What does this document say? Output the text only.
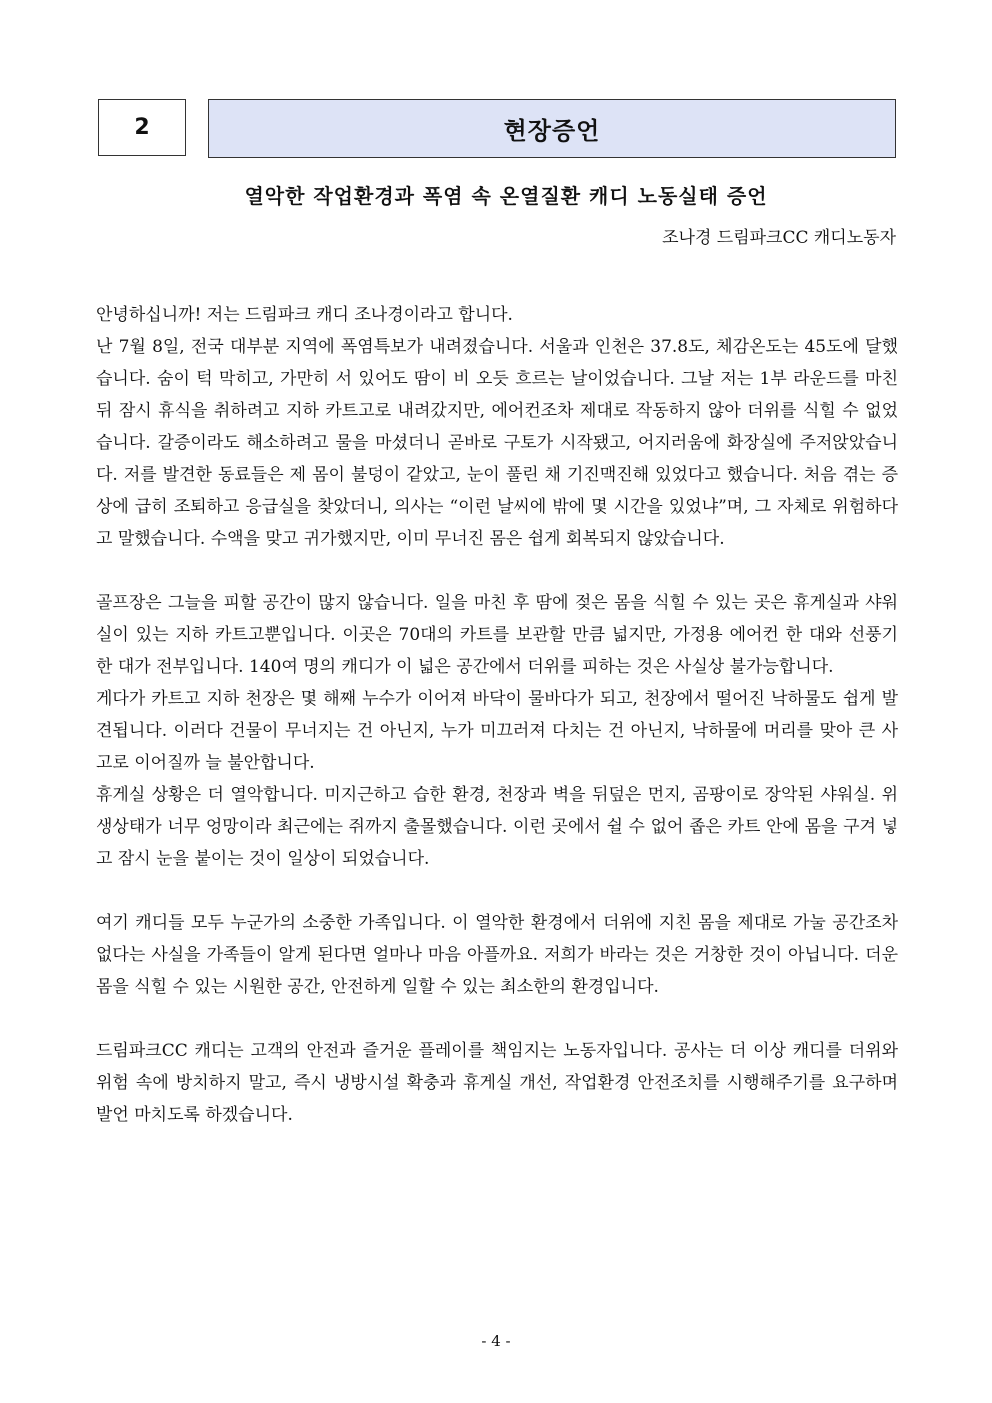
2	현장증언
열악한 작업환경과 폭염 속 온열질환 캐디 노동실태 증언
조나경 드림파크CC 캐디노동자

안녕하십니까! 저는 드림파크 캐디 조나경이라고 합니다.

난 7월 8일, 전국 대부분 지역에 폭염특보가 내려졌습니다. 서울과 인천은 37.8도, 체감온도는 45도에 달했습니다. 숨이 턱 막히고, 가만히 서 있어도 땀이 비 오듯 흐르는 날이었습니다. 그날 저는 1부 라운드를 마친 뒤 잠시 휴식을 취하려고 지하 카트고로 내려갔지만, 에어컨조차 제대로 작동하지 않아 더위를 식힐 수 없었습니다. 갈증이라도 해소하려고 물을 마셨더니 곧바로 구토가 시작됐고, 어지러움에 화장실에 주저앉았습니다. 저를 발견한 동료들은 제 몸이 불덩이 같았고, 눈이 풀린 채 기진맥진해 있었다고 했습니다. 처음 겪는 증상에 급히 조퇴하고 응급실을 찾았더니, 의사는 “이런 날씨에 밖에 몇 시간을 있었냐”며, 그 자체로 위험하다고 말했습니다. 수액을 맞고 귀가했지만, 이미 무너진 몸은 쉽게 회복되지 않았습니다.

골프장은 그늘을 피할 공간이 많지 않습니다. 일을 마친 후 땀에 젖은 몸을 식힐 수 있는 곳은 휴게실과 샤워실이 있는 지하 카트고뿐입니다. 이곳은 70대의 카트를 보관할 만큼 넓지만, 가정용 에어컨 한 대와 선풍기 한 대가 전부입니다. 140여 명의 캐디가 이 넓은 공간에서 더위를 피하는 것은 사실상 불가능합니다.

게다가 카트고 지하 천장은 몇 해째 누수가 이어져 바닥이 물바다가 되고, 천장에서 떨어진 낙하물도 쉽게 발견됩니다. 이러다 건물이 무너지는 건 아닌지, 누가 미끄러져 다치는 건 아닌지, 낙하물에 머리를 맞아 큰 사고로 이어질까 늘 불안합니다.

휴게실 상황은 더 열악합니다. 미지근하고 습한 환경, 천장과 벽을 뒤덮은 먼지, 곰팡이로 장악된 샤워실. 위생상태가 너무 엉망이라 최근에는 쥐까지 출몰했습니다. 이런 곳에서 쉴 수 없어 좁은 카트 안에 몸을 구겨 넣고 잠시 눈을 붙이는 것이 일상이 되었습니다.

여기 캐디들 모두 누군가의 소중한 가족입니다. 이 열악한 환경에서 더위에 지친 몸을 제대로 가눌 공간조차 없다는 사실을 가족들이 알게 된다면 얼마나 마음 아플까요. 저희가 바라는 것은 거창한 것이 아닙니다. 더운 몸을 식힐 수 있는 시원한 공간, 안전하게 일할 수 있는 최소한의 환경입니다.

드림파크CC 캐디는 고객의 안전과 즐거운 플레이를 책임지는 노동자입니다. 공사는 더 이상 캐디를 더위와 위험 속에 방치하지 말고, 즉시 냉방시설 확충과 휴게실 개선, 작업환경 안전조치를 시행해주기를 요구하며 발언 마치도록 하겠습니다.

- 4 -
